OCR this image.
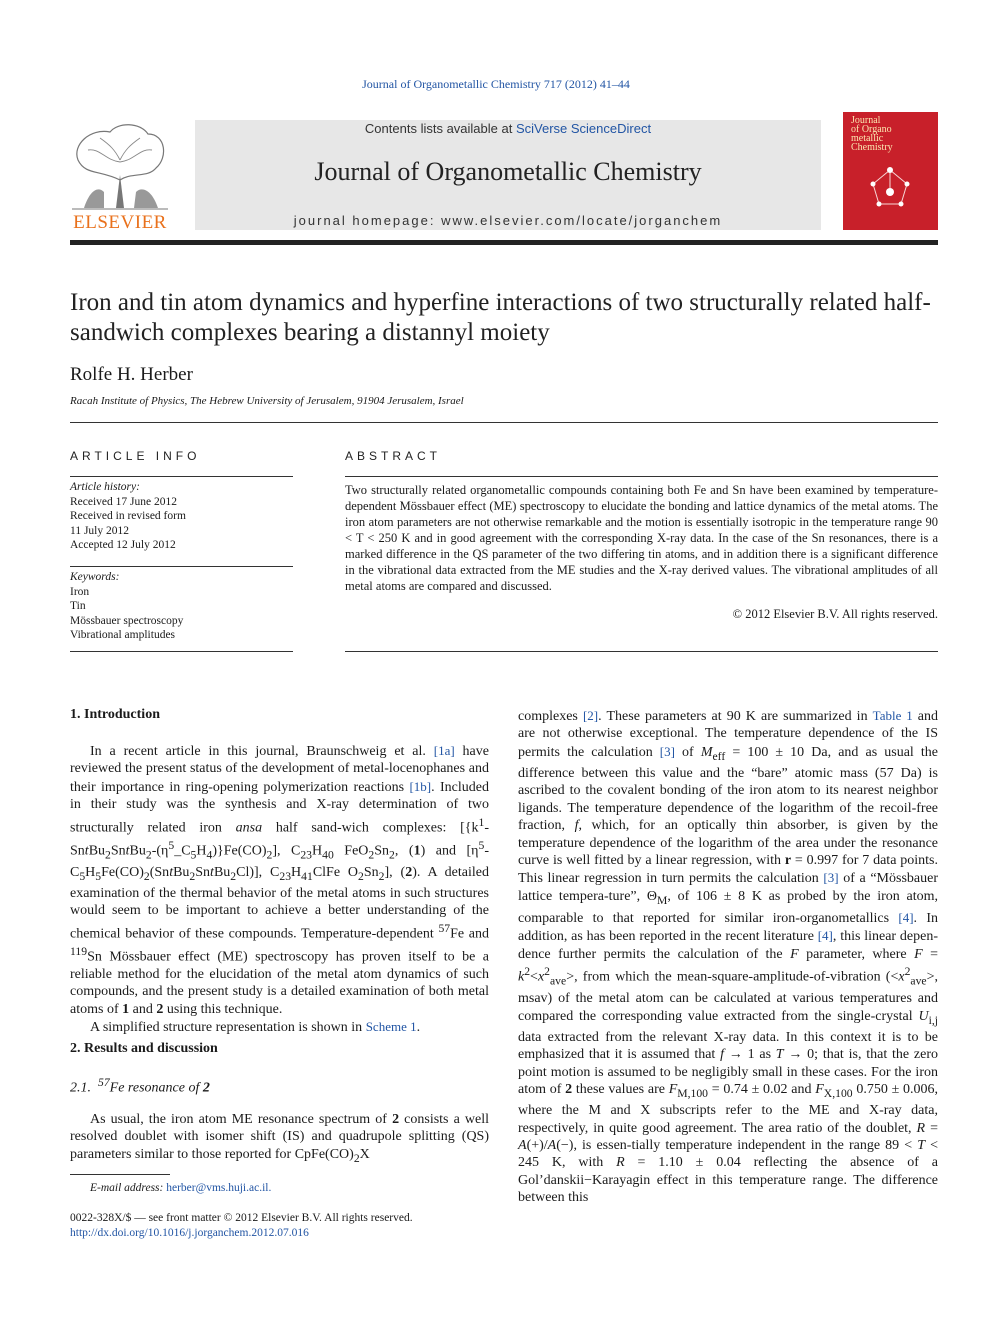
Journal of Organometallic Chemistry 717 (2012) 41–44
ELSEVIER
Contents lists available at SciVerse ScienceDirect
Journal of Organometallic Chemistry
journal homepage: www.elsevier.com/locate/jorganchem
Journal
of Organo
metallic
Chemistry
Iron and tin atom dynamics and hyperfine interactions of two structurally related half-sandwich complexes bearing a distannyl moiety
Rolfe H. Herber
Racah Institute of Physics, The Hebrew University of Jerusalem, 91904 Jerusalem, Israel
ARTICLE INFO
Article history:
Received 17 June 2012
Received in revised form
11 July 2012
Accepted 12 July 2012
Keywords:
Iron
Tin
Mössbauer spectroscopy
Vibrational amplitudes
ABSTRACT
Two structurally related organometallic compounds containing both Fe and Sn have been examined by temperature-dependent Mössbauer effect (ME) spectroscopy to elucidate the bonding and lattice dynamics of the metal atoms. The iron atom parameters are not otherwise remarkable and the motion is essentially isotropic in the temperature range 90 < T < 250 K and in good agreement with the corresponding X-ray data. In the case of the Sn resonances, there is a marked difference in the QS parameter of the two differing tin atoms, and in addition there is a significant difference in the vibrational data extracted from the ME studies and the X-ray derived values. The vibrational amplitudes of all metal atoms are compared and discussed.
© 2012 Elsevier B.V. All rights reserved.
1. Introduction

In a recent article in this journal, Braunschweig et al. [1a] have reviewed the present status of the development of metal-locenophanes and their importance in ring-opening polymerization reactions [1b]. Included in their study was the synthesis and X-ray determination of two structurally related iron ansa half sand-wich complexes: $[\{k^1-SntBu_2SntBu_2-(\eta^5\_C_5H_4)\}Fe(CO)_2]$, $C_{23}H_{40}$ $FeO_2Sn_2$, (1) and $[\eta^5-C_5H_5Fe(CO)_2(SntBu_2SntBu_2Cl)]$, $C_{23}H_{41}ClFe$ $O_2Sn_2$], (2). A detailed examination of the thermal behavior of the metal atoms in such structures would seem to be important to achieve a better understanding of the chemical behavior of these compounds. Temperature-dependent $^{57}$Fe and $^{119}$Sn Mössbauer effect (ME) spectroscopy has proven itself to be a reliable method for the elucidation of the metal atom dynamics of such compounds, and the present study is a detailed examination of both metal atoms of 1 and 2 using this technique.

A simplified structure representation is shown in Scheme 1.

2. Results and discussion
2.1.  $^{57}$Fe resonance of 2

As usual, the iron atom ME resonance spectrum of 2 consists a well resolved doublet with isomer shift (IS) and quadrupole splitting (QS) parameters similar to those reported for $CpFe(CO)_2X$

E-mail address: herber@vms.huji.ac.il.
0022-328X/$ — see front matter © 2012 Elsevier B.V. All rights reserved.
http://dx.doi.org/10.1016/j.jorganchem.2012.07.016

complexes [2]. These parameters at 90 K are summarized in Table 1 and are not otherwise exceptional. The temperature dependence of the IS permits the calculation [3] of $M_{eff} = 100 \pm 10$ Da, and as usual the difference between this value and the “bare” atomic mass (57 Da) is ascribed to the covalent bonding of the iron atom to its nearest neighbor ligands. The temperature dependence of the logarithm of the recoil-free fraction, f, which, for an optically thin absorber, is given by the temperature dependence of the logarithm of the area under the resonance curve is well fitted by a linear regression, with r = 0.997 for 7 data points. This linear regression in turn permits the calculation [3] of a “Mössbauer lattice tempera-ture”, $\Theta_M$, of 106 ± 8 K as probed by the iron atom, comparable to that reported for similar iron-organometallics [4]. In addition, as has been reported in the recent literature [4], this linear depen-dence further permits the calculation of the F parameter, where $F = k^2<x^2_{ave}>$, from which the mean-square-amplitude-of-vibration ($<x^2_{ave}>$, msav) of the metal atom can be calculated at various temperatures and compared the corresponding value extracted from the single-crystal $U_{i,j}$ data extracted from the relevant X-ray data. In this context it is to be emphasized that it is assumed that f → 1 as T → 0; that is, that the zero point motion is assumed to be negligibly small in these cases. For the iron atom of 2 these values are $F_{M,100} = 0.74 \pm 0.02$ and $F_{X,100}$ 0.750 ± 0.006, where the M and X subscripts refer to the ME and X-ray data, respectively, in quite good agreement. The area ratio of the doublet, R = A(+)/A(−), is essen-tially temperature independent in the range 89 < T < 245 K, with R = 1.10 ± 0.04 reflecting the absence of a Gol’danskii−Karayagin effect in this temperature range. The difference between this
